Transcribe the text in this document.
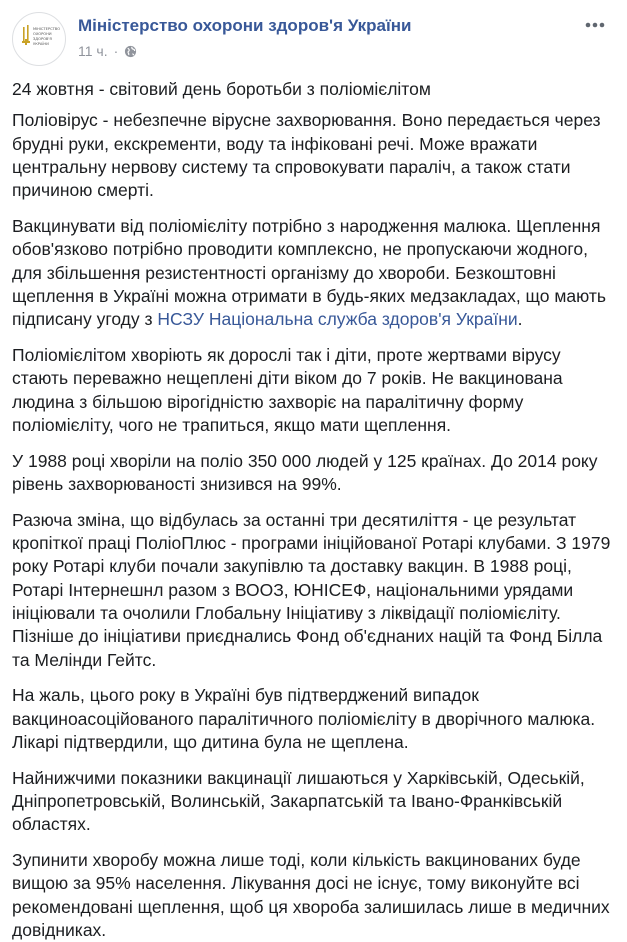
МІНІСТЕРСТВО
ОХОРОНИ
ЗДОРОВ'Я
УКРАЇНИ
Міністерство охорони здоров'я України
11 ч. ·

24 жовтня - світовий день боротьби з поліомієлітом

Поліовірус - небезпечне вірусне захворювання. Воно передається через брудні руки, екскременти, воду та інфіковані речі. Може вражати центральну нервову систему та спровокувати параліч, а також стати причиною смерті.

Вакцинувати від поліомієліту потрібно з народження малюка. Щеплення обов'язково потрібно проводити комплексно, не пропускаючи жодного, для збільшення резистентності організму до хвороби. Безкоштовні щеплення в Україні можна отримати в будь-яких медзакладах, що мають підписану угоду з НСЗУ Національна служба здоров'я України.

Поліомієлітом хворіють як дорослі так і діти, проте жертвами вірусу стають переважно нещеплені діти віком до 7 років. Не вакцинована людина з більшою вірогідністю захворіє на паралітичну форму поліомієліту, чого не трапиться, якщо мати щеплення.

У 1988 році хворіли на поліо 350 000 людей у 125 країнах. До 2014 року рівень захворюваності знизився на 99%.

Разюча зміна, що відбулась за останні три десятиліття - це результат кропіткої праці ПоліоПлюс - програми ініційованої Ротарі клубами. З 1979 року Ротарі клуби почали закупівлю та доставку вакцин. В 1988 році, Ротарі Інтернешнл разом з ВООЗ, ЮНІСЕФ, національними урядами ініціювали та очолили Глобальну Ініціативу з ліквідації поліомієліту. Пізніше до ініціативи приєднались Фонд об'єднаних націй та Фонд Білла та Мелінди Гейтс.

На жаль, цього року в Україні був підтверджений випадок вакциноасоційованого паралітичного поліомієліту в дворічного малюка. Лікарі підтвердили, що дитина була не щеплена.

Найнижчими показники вакцинації лишаються у Харківській, Одеській, Дніпропетровській, Волинській, Закарпатській та Івано-Франківській областях.

Зупинити хворобу можна лише тоді, коли кількість вакцинованих буде вищою за 95% населення. Лікування досі не існує, тому виконуйте всі рекомендовані щеплення, щоб ця хвороба залишилась лише в медичних довідниках.
